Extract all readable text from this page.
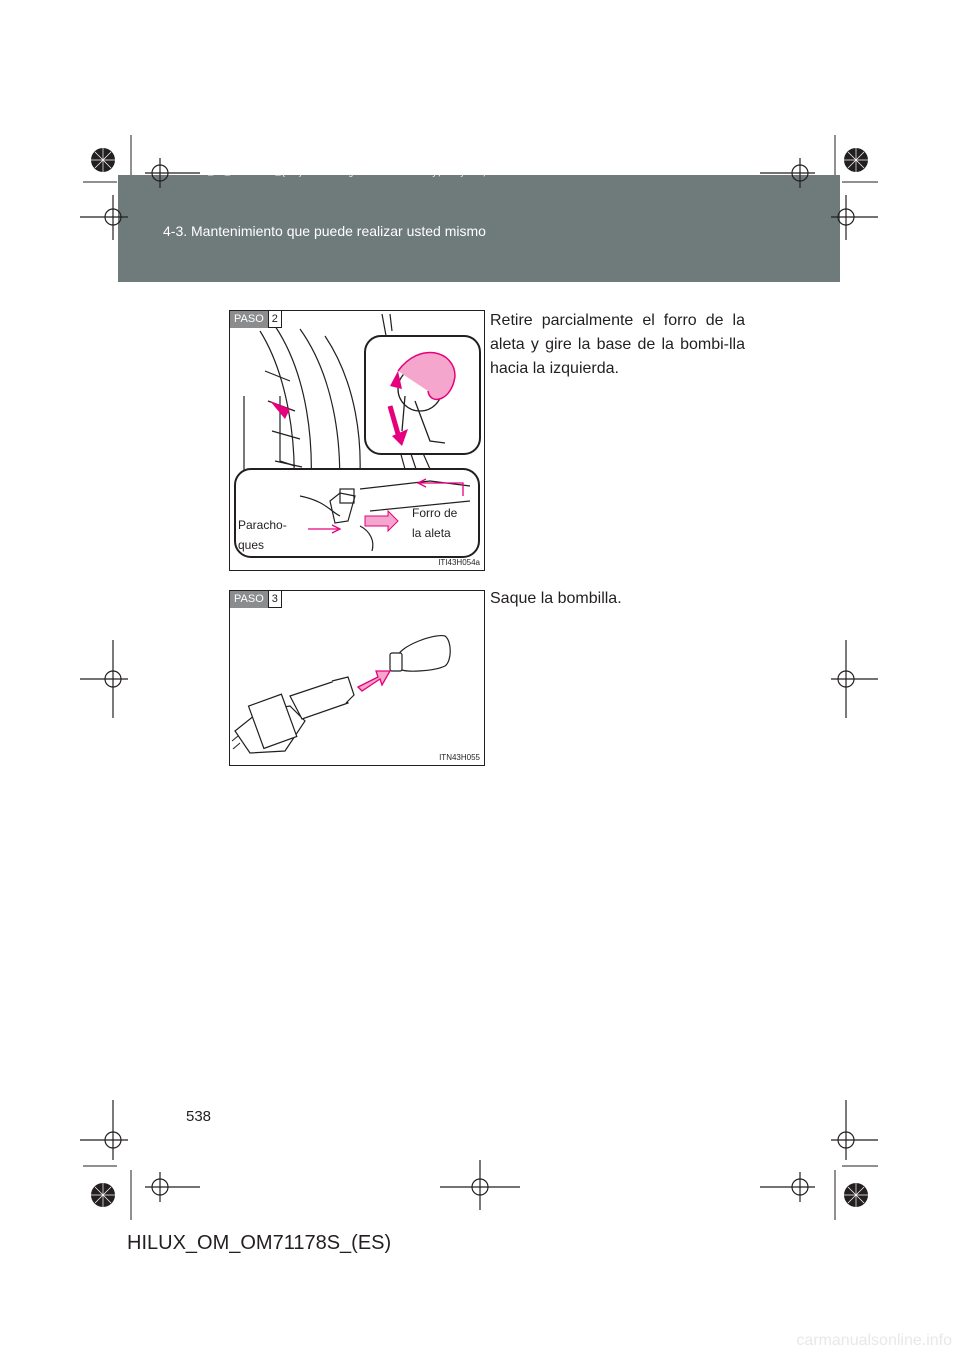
HILUX_OM_OM71178S_(ES).book Page 538 Wednesday, May 16, 2012 3:09 PM
4-3. Mantenimiento que puede realizar usted mismo
PASO 2
Paracho-
ques
Forro de
la aleta
ITI43H054a
Retire parcialmente el forro de la aleta y gire la base de la bombi-lla hacia la izquierda.
PASO 3
ITN43H055
Saque la bombilla.
538
HILUX_OM_OM71178S_(ES)
carmanualsonline.info
